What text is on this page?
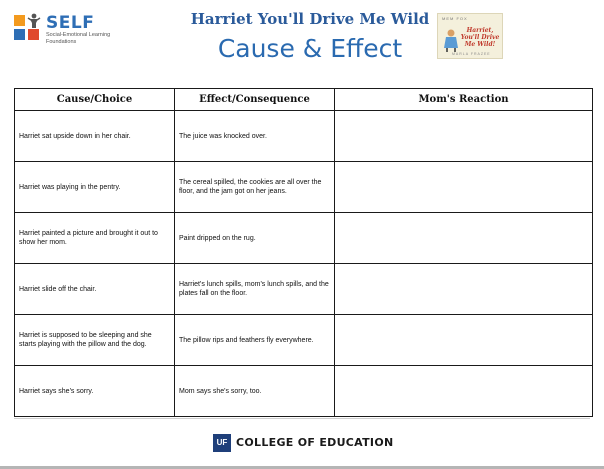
SELF
Social-Emotional Learning Foundations
Harriet You'll Drive Me Wild
Cause & Effect
MEM FOX
Harriet, You'll Drive Me Wild!
MARLA FRAZEE
Cause/Choice	Effect/Consequence	Mom's Reaction
Harriet sat upside down in her chair.	The juice was knocked over.	
Harriet was playing in the pentry.	The cereal spilled, the cookies are all over the floor, and the jam got on her jeans.	
Harriet painted a picture and brought it out to show her mom.	Paint dripped on the rug.	
Harriet slide off the chair.	Harriet's lunch spills, mom's lunch spills, and the plates fall on the floor.	
Harriet is supposed to be sleeping and she starts playing with the pillow and the dog.	The pillow rips and feathers fly everywhere.	
Harriet says she's sorry.	Mom says she's sorry, too.	
UF COLLEGE OF EDUCATION
